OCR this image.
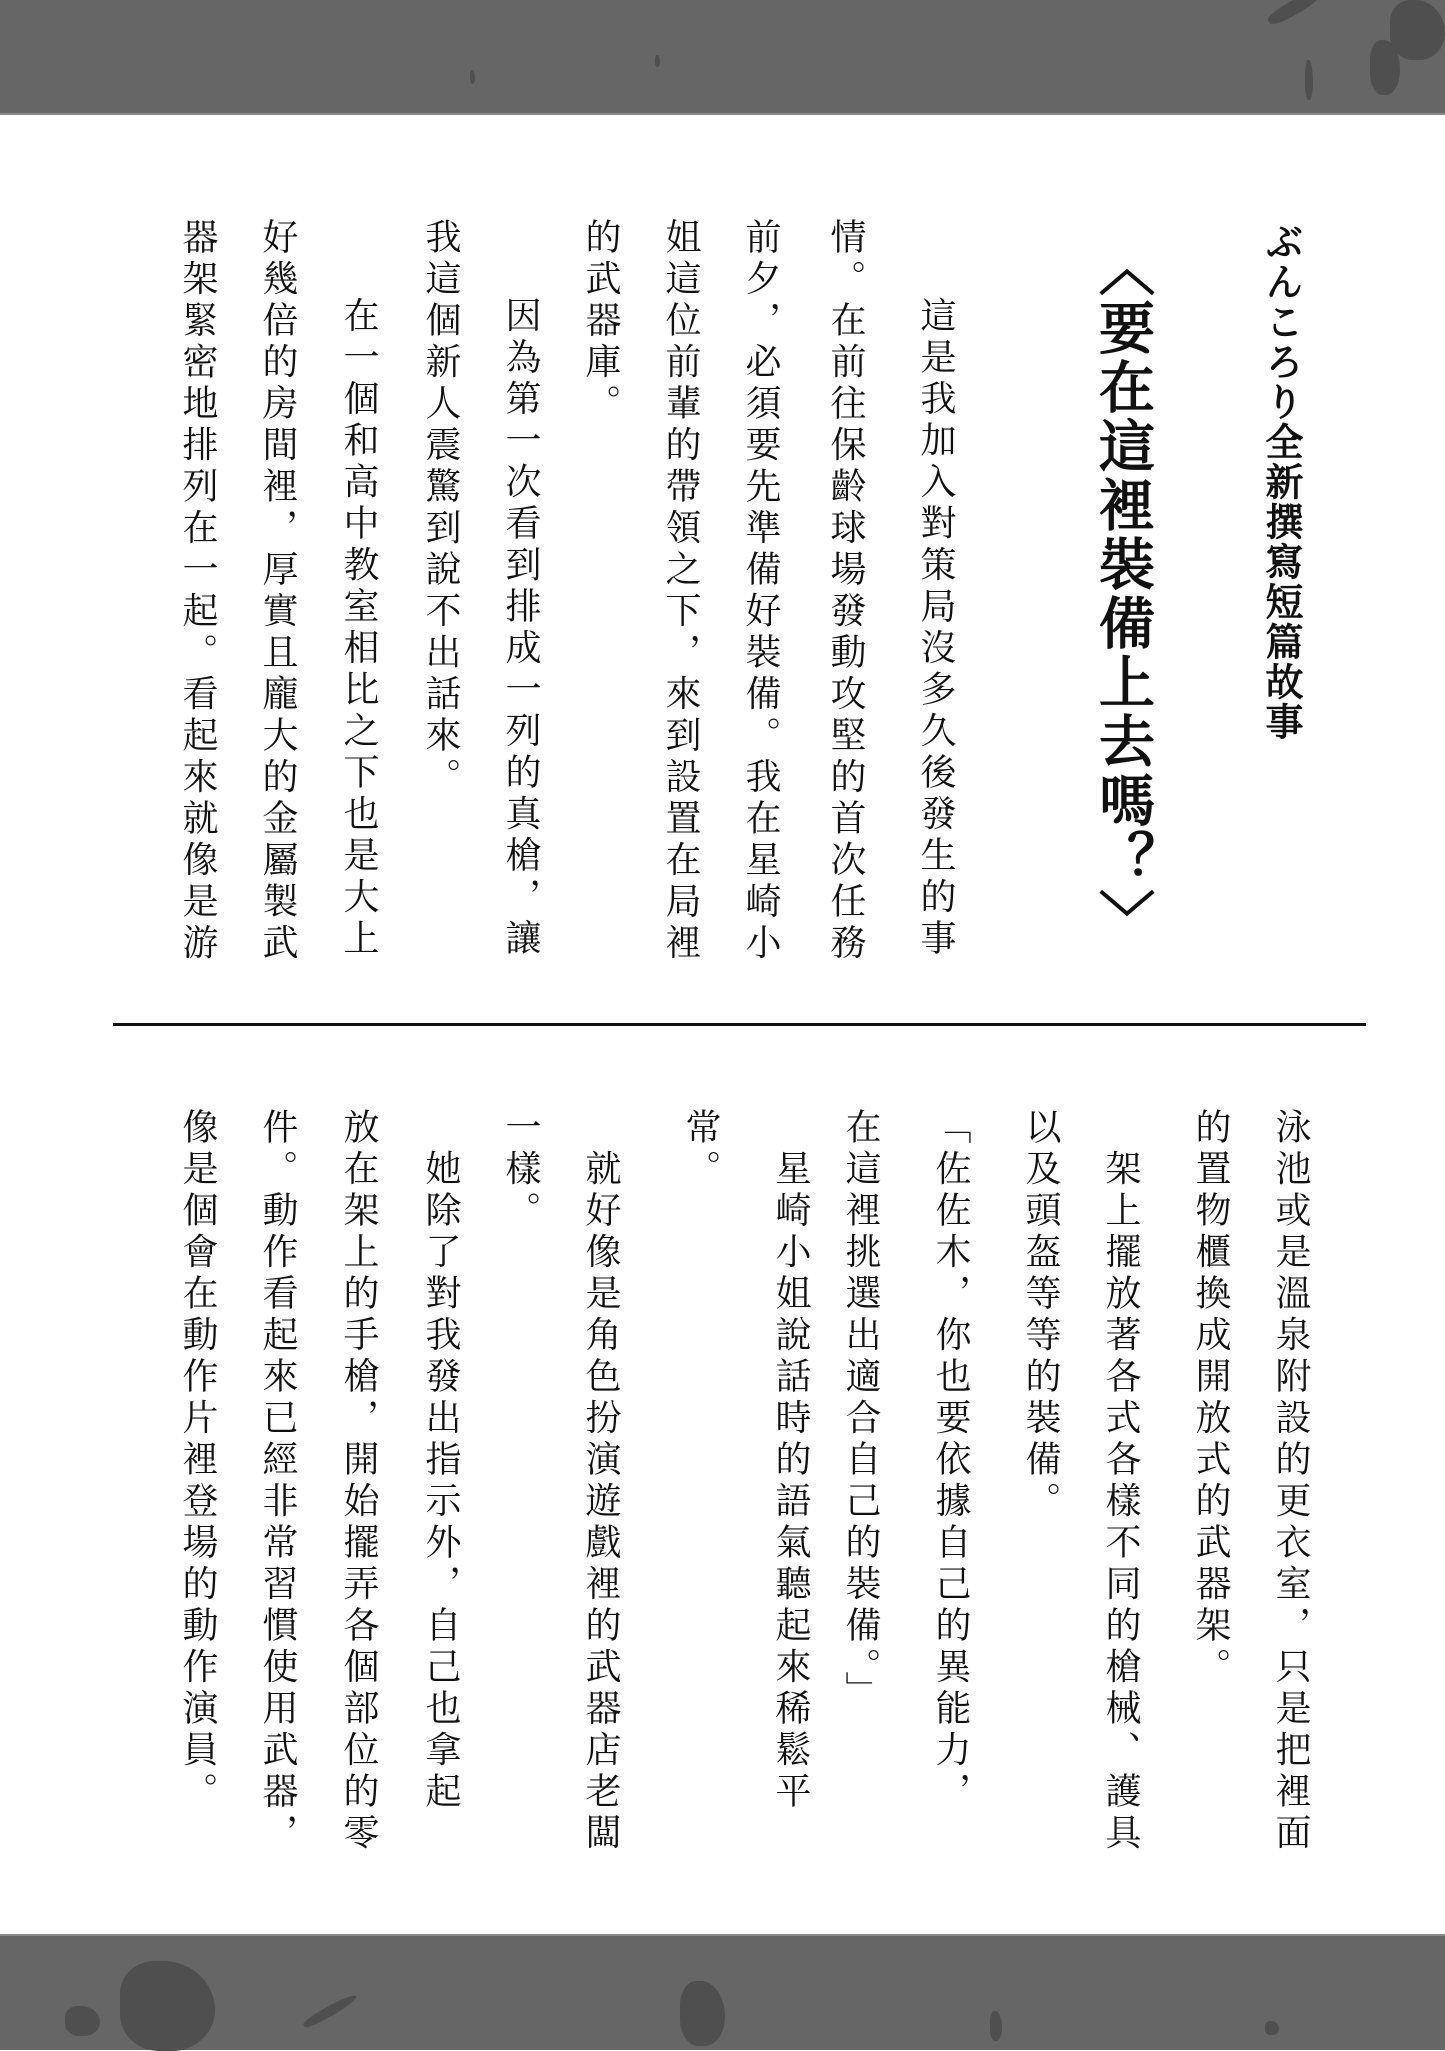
ぶんころり全新撰寫短篇故事
〈要在這裡裝備上去嗎？〉
　這是我加入對策局沒多久後發生的事
情。在前往保齡球場發動攻堅的首次任務
前夕，必須要先準備好裝備。我在星崎小
姐這位前輩的帶領之下，來到設置在局裡
的武器庫。
　因為第一次看到排成一列的真槍，讓
我這個新人震驚到說不出話來。
　在一個和高中教室相比之下也是大上
好幾倍的房間裡，厚實且龐大的金屬製武
器架緊密地排列在一起。看起來就像是游
泳池或是溫泉附設的更衣室，只是把裡面
的置物櫃換成開放式的武器架。
　架上擺放著各式各樣不同的槍械、護具
以及頭盔等等的裝備。
「佐佐木，你也要依據自己的異能力，
在這裡挑選出適合自己的裝備。」
　星崎小姐說話時的語氣聽起來稀鬆平
常。
　就好像是角色扮演遊戲裡的武器店老闆
一樣。
　她除了對我發出指示外，自己也拿起
放在架上的手槍，開始擺弄各個部位的零
件。動作看起來已經非常習慣使用武器，
像是個會在動作片裡登場的動作演員。
